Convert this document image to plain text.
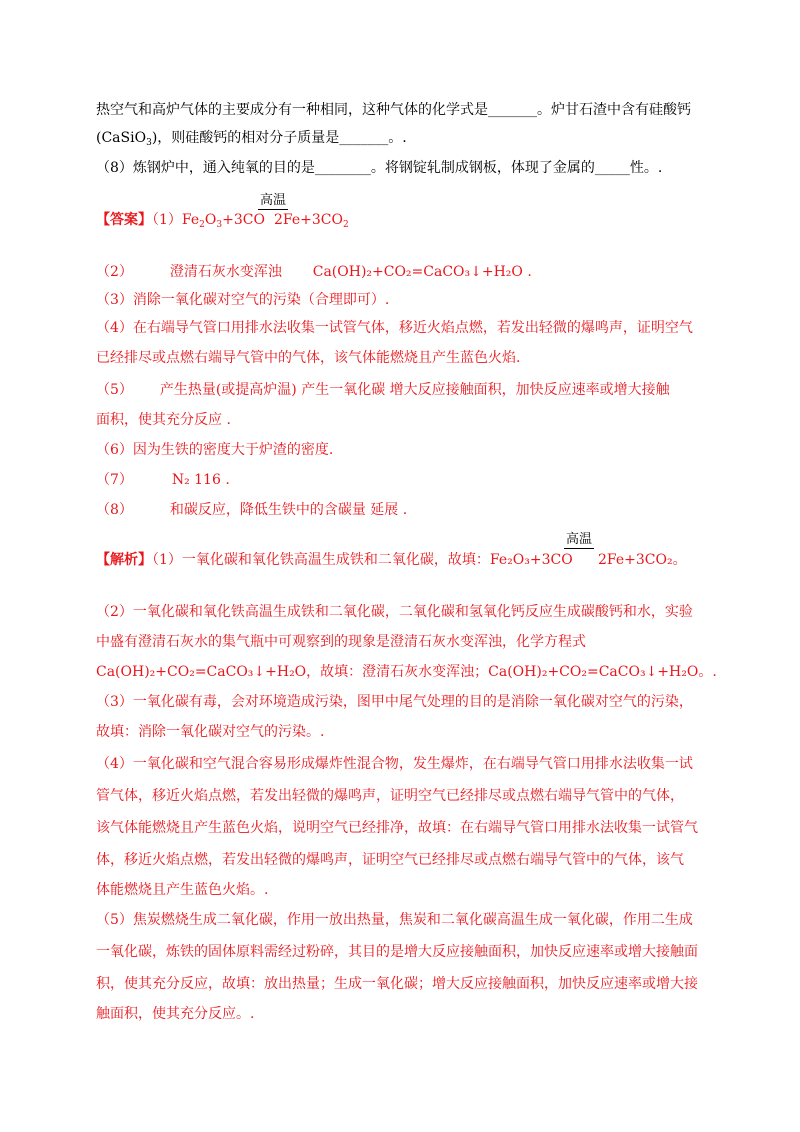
热空气和高炉气体的主要成分有一种相同，这种气体的化学式是_______。炉甘石渣中含有硅酸钙
(CaSiO$_3$)，则硅酸钙的相对分子质量是_______。.
（8）炼钢炉中，通入纯氧的目的是________。将钢锭轧制成钢板，体现了金属的_____性。.
【答案】$(1)Fe_2O_3+3CO$
高温
$2Fe+3CO_2$
（2）	澄清石灰水变浑浊 Ca(OH)₂+CO₂=CaCO₃↓+H₂O .
（3）消除一氧化碳对空气的污染（合理即可）.
（4）在右端导气管口用排水法收集一试管气体，移近火焰点燃，若发出轻微的爆鸣声，证明空气
已经排尽或点燃右端导气管中的气体，该气体能燃烧且产生蓝色火焰.
（5） 产生热量(或提高炉温) 产生一氧化碳 增大反应接触面积，加快反应速率或增大接触
面积，使其充分反应 .
（6）因为生铁的密度大于炉渣的密度.
（7）	N₂ 116 .
（8）	和碳反应，降低生铁中的含碳量 延展 .
高温
【解析】（1）一氧化碳和氧化铁高温生成铁和二氧化碳，故填：Fe₂O₃+3CO 2Fe+3CO₂。
（2）一氧化碳和氧化铁高温生成铁和二氧化碳，二氧化碳和氢氧化钙反应生成碳酸钙和水，实验
中盛有澄清石灰水的集气瓶中可观察到的现象是澄清石灰水变浑浊，化学方程式
Ca(OH)₂+CO₂=CaCO₃↓+H₂O，故填：澄清石灰水变浑浊；Ca(OH)₂+CO₂=CaCO₃↓+H₂O。.
（3）一氧化碳有毒，会对环境造成污染，图甲中尾气处理的目的是消除一氧化碳对空气的污染，
故填：消除一氧化碳对空气的污染。.
（4）一氧化碳和空气混合容易形成爆炸性混合物，发生爆炸，在右端导气管口用排水法收集一试
管气体，移近火焰点燃，若发出轻微的爆鸣声，证明空气已经排尽或点燃右端导气管中的气体，
该气体能燃烧且产生蓝色火焰，说明空气已经排净，故填：在右端导气管口用排水法收集一试管气
体，移近火焰点燃，若发出轻微的爆鸣声，证明空气已经排尽或点燃右端导气管中的气体，该气
体能燃烧且产生蓝色火焰。.
（5）焦炭燃烧生成二氧化碳，作用一放出热量，焦炭和二氧化碳高温生成一氧化碳，作用二生成
一氧化碳，炼铁的固体原料需经过粉碎，其目的是增大反应接触面积，加快反应速率或增大接触面
积，使其充分反应，故填：放出热量；生成一氧化碳；增大反应接触面积，加快反应速率或增大接
触面积，使其充分反应。.
